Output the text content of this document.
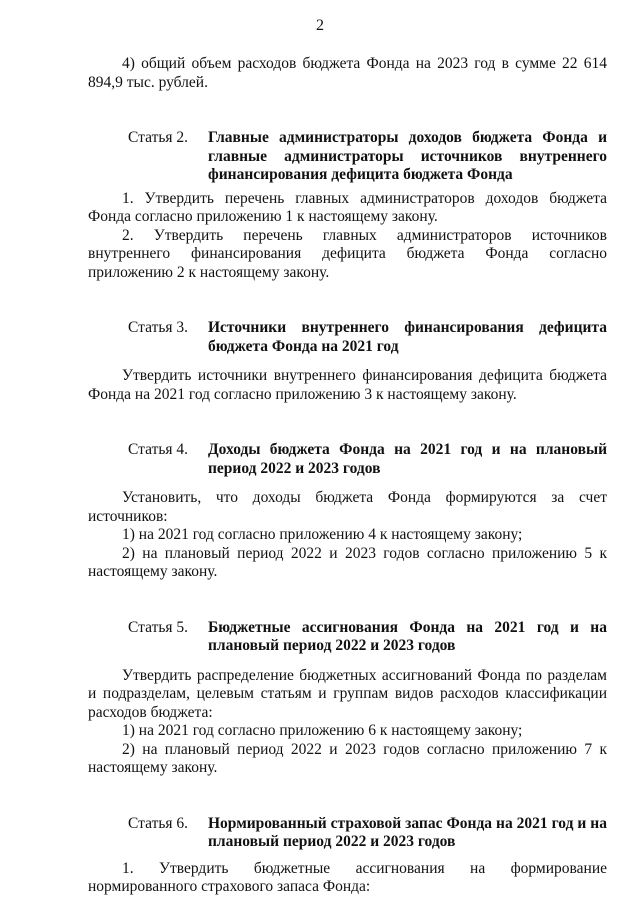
2

4) общий объем расходов бюджета Фонда на 2023 год в сумме 22 614 894,9 тыс. рублей.

Статья 2.	Главные администраторы доходов бюджета Фонда и главные администраторы источников внутреннего финансирования дефицита бюджета Фонда

1. Утвердить перечень главных администраторов доходов бюджета Фонда согласно приложению 1 к настоящему закону.

2. Утвердить перечень главных администраторов источников внутреннего финансирования дефицита бюджета Фонда согласно приложению 2 к настоящему закону.

Статья 3.	Источники внутреннего финансирования дефицита бюджета Фонда на 2021 год

Утвердить источники внутреннего финансирования дефицита бюджета Фонда на 2021 год согласно приложению 3 к настоящему закону.

Статья 4.	Доходы бюджета Фонда на 2021 год и на плановый период 2022 и 2023 годов

Установить, что доходы бюджета Фонда формируются за счет источников:

1) на 2021 год согласно приложению 4 к настоящему закону;

2) на плановый период 2022 и 2023 годов согласно приложению 5 к настоящему закону.

Статья 5.	Бюджетные ассигнования Фонда на 2021 год и на плановый период 2022 и 2023 годов

Утвердить распределение бюджетных ассигнований Фонда по разделам и подразделам, целевым статьям и группам видов расходов классификации расходов бюджета:

1) на 2021 год согласно приложению 6 к настоящему закону;

2) на плановый период 2022 и 2023 годов согласно приложению 7 к настоящему закону.

Статья 6.	Нормированный страховой запас Фонда на 2021 год и на плановый период 2022 и 2023 годов

1. Утвердить бюджетные ассигнования на формирование нормированного страхового запаса Фонда:
